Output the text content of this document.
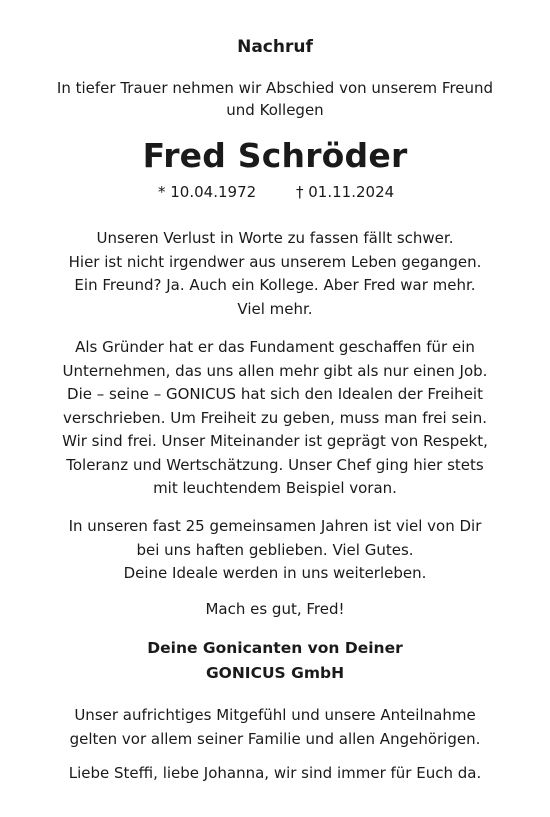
Nachruf
In tiefer Trauer nehmen wir Abschied von unserem Freund
und Kollegen
Fred Schröder
* 10.04.1972	† 01.11.2024
Unseren Verlust in Worte zu fassen fällt schwer.
Hier ist nicht irgendwer aus unserem Leben gegangen.
Ein Freund? Ja. Auch ein Kollege. Aber Fred war mehr.
Viel mehr.
Als Gründer hat er das Fundament geschaffen für ein
Unternehmen, das uns allen mehr gibt als nur einen Job.
Die – seine – GONICUS hat sich den Idealen der Freiheit
verschrieben. Um Freiheit zu geben, muss man frei sein.
Wir sind frei. Unser Miteinander ist geprägt von Respekt,
Toleranz und Wertschätzung. Unser Chef ging hier stets
mit leuchtendem Beispiel voran.
In unseren fast 25 gemeinsamen Jahren ist viel von Dir
bei uns haften geblieben. Viel Gutes.
Deine Ideale werden in uns weiterleben.
Mach es gut, Fred!
Deine Gonicanten von Deiner
GONICUS GmbH
Unser aufrichtiges Mitgefühl und unsere Anteilnahme
gelten vor allem seiner Familie und allen Angehörigen.
Liebe Steffi, liebe Johanna, wir sind immer für Euch da.
